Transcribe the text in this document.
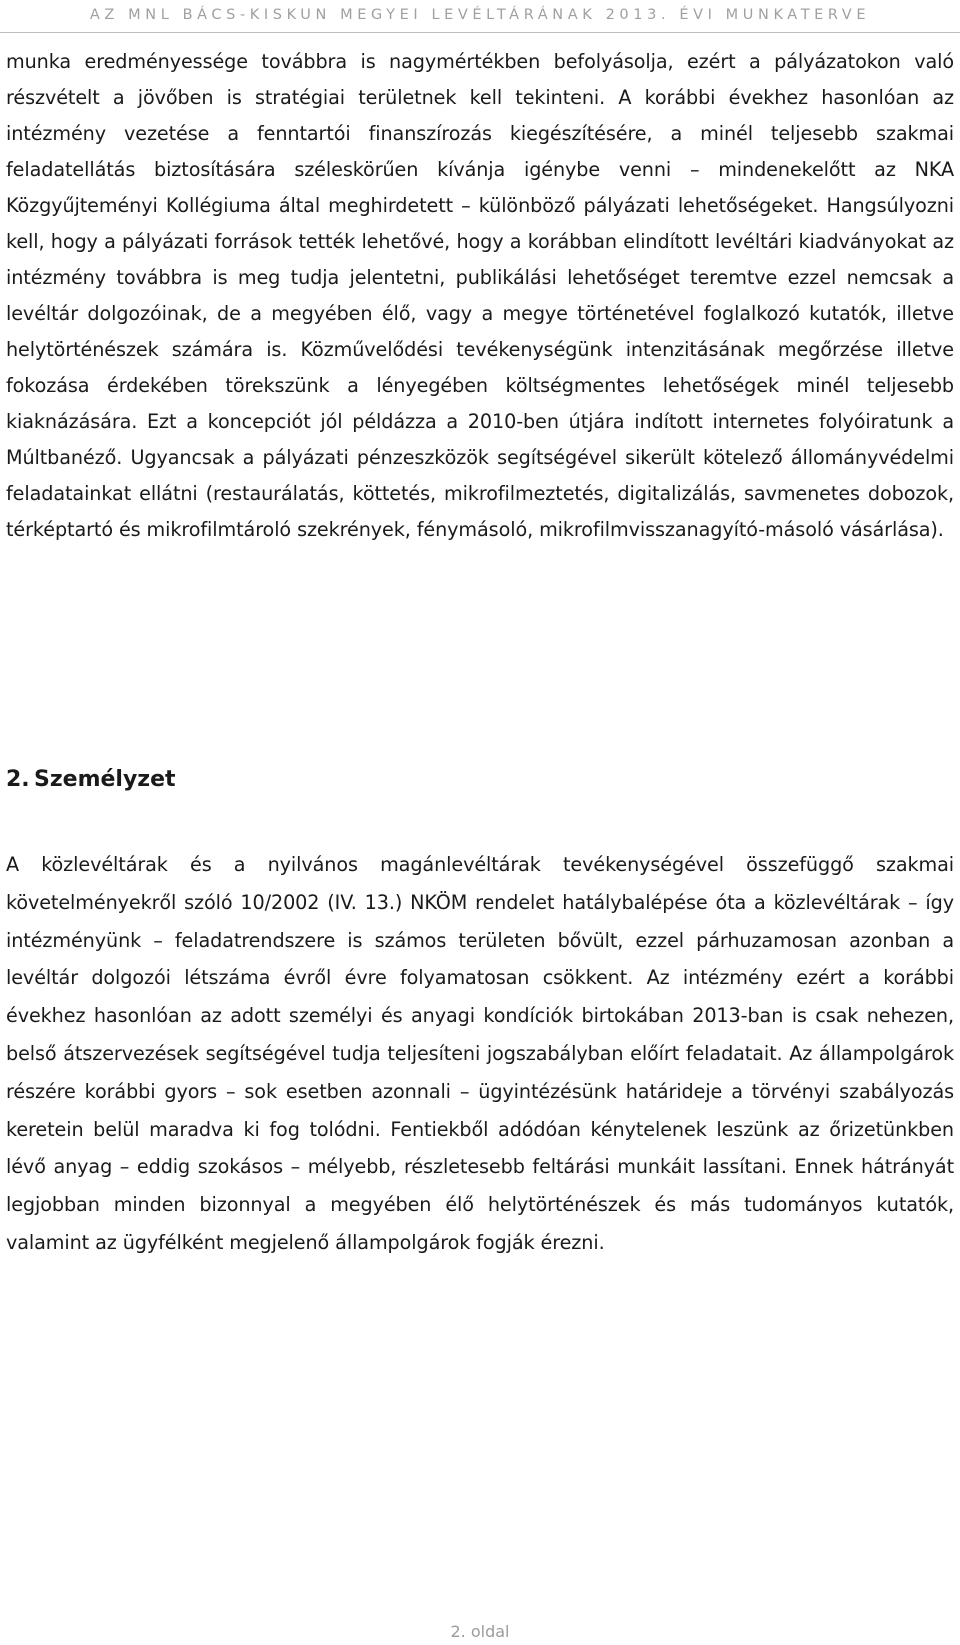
AZ MNL BÁCS-KISKUN MEGYEI LEVÉLTÁRÁNAK 2013. ÉVI MUNKATERVE

munka eredményessége továbbra is nagymértékben befolyásolja, ezért a pályázatokon való részvételt a jövőben is stratégiai területnek kell tekinteni. A korábbi évekhez hasonlóan az intézmény vezetése a fenntartói finanszírozás kiegészítésére, a minél teljesebb szakmai feladatellátás biztosítására széleskörűen kívánja igénybe venni – mindenekelőtt az NKA Közgyűjteményi Kollégiuma által meghirdetett – különböző pályázati lehetőségeket. Hangsúlyozni kell, hogy a pályázati források tették lehetővé, hogy a korábban elindított levéltári kiadványokat az intézmény továbbra is meg tudja jelentetni, publikálási lehetőséget teremtve ezzel nemcsak a levéltár dolgozóinak, de a megyében élő, vagy a megye történetével foglalkozó kutatók, illetve helytörténészek számára is. Közművelődési tevékenységünk intenzitásának megőrzése illetve fokozása érdekében törekszünk a lényegében költségmentes lehetőségek minél teljesebb kiaknázására. Ezt a koncepciót jól példázza a 2010-ben útjára indított internetes folyóiratunk a Múltbanéző. Ugyancsak a pályázati pénzeszközök segítségével sikerült kötelező állományvédelmi feladatainkat ellátni (restaurálatás, köttetés, mikrofilmeztetés, digitalizálás, savmenetes dobozok, térképtartó és mikrofilmtároló szekrények, fénymásoló, mikrofilmvisszanagyító-másoló vásárlása).

2. Személyzet

A közlevéltárak és a nyilvános magánlevéltárak tevékenységével összefüggő szakmai követelményekről szóló 10/2002 (IV. 13.) NKÖM rendelet hatálybalépése óta a közlevéltárak – így intézményünk – feladatrendszere is számos területen bővült, ezzel párhuzamosan azonban a levéltár dolgozói létszáma évről évre folyamatosan csökkent. Az intézmény ezért a korábbi évekhez hasonlóan az adott személyi és anyagi kondíciók birtokában 2013-ban is csak nehezen, belső átszervezések segítségével tudja teljesíteni jogszabályban előírt feladatait. Az állampolgárok részére korábbi gyors – sok esetben azonnali – ügyintézésünk határideje a törvényi szabályozás keretein belül maradva ki fog tolódni. Fentiekből adódóan kénytelenek leszünk az őrizetünkben lévő anyag – eddig szokásos – mélyebb, részletesebb feltárási munkáit lassítani. Ennek hátrányát legjobban minden bizonnyal a megyében élő helytörténészek és más tudományos kutatók, valamint az ügyfélként megjelenő állampolgárok fogják érezni.

2. oldal
